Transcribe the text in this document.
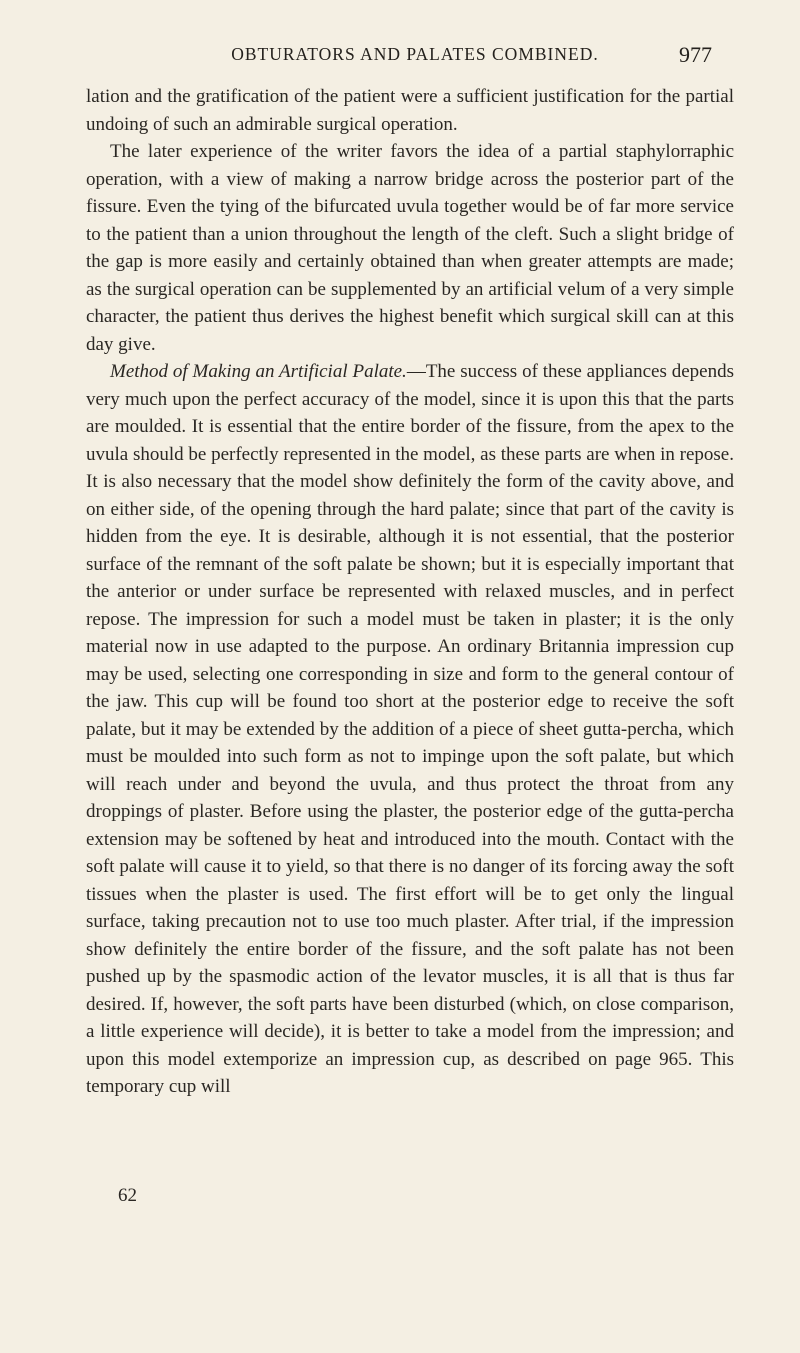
OBTURATORS AND PALATES COMBINED.	977

lation and the gratification of the patient were a sufficient justification for the partial undoing of such an admirable surgical operation.

The later experience of the writer favors the idea of a partial staphylorraphic operation, with a view of making a narrow bridge across the posterior part of the fissure. Even the tying of the bifurcated uvula together would be of far more service to the patient than a union throughout the length of the cleft. Such a slight bridge of the gap is more easily and certainly obtained than when greater attempts are made; as the surgical operation can be supplemented by an artificial velum of a very simple character, the patient thus derives the highest benefit which surgical skill can at this day give.

Method of Making an Artificial Palate.—The success of these appliances depends very much upon the perfect accuracy of the model, since it is upon this that the parts are moulded. It is essential that the entire border of the fissure, from the apex to the uvula should be perfectly represented in the model, as these parts are when in repose. It is also necessary that the model show definitely the form of the cavity above, and on either side, of the opening through the hard palate; since that part of the cavity is hidden from the eye. It is desirable, although it is not essential, that the posterior surface of the remnant of the soft palate be shown; but it is especially important that the anterior or under surface be represented with relaxed muscles, and in perfect repose. The impression for such a model must be taken in plaster; it is the only material now in use adapted to the purpose. An ordinary Britannia impression cup may be used, selecting one corresponding in size and form to the general contour of the jaw. This cup will be found too short at the posterior edge to receive the soft palate, but it may be extended by the addition of a piece of sheet gutta-percha, which must be moulded into such form as not to impinge upon the soft palate, but which will reach under and beyond the uvula, and thus protect the throat from any droppings of plaster. Before using the plaster, the posterior edge of the gutta-percha extension may be softened by heat and introduced into the mouth. Contact with the soft palate will cause it to yield, so that there is no danger of its forcing away the soft tissues when the plaster is used. The first effort will be to get only the lingual surface, taking precaution not to use too much plaster. After trial, if the impression show definitely the entire border of the fissure, and the soft palate has not been pushed up by the spasmodic action of the levator muscles, it is all that is thus far desired. If, however, the soft parts have been disturbed (which, on close comparison, a little experience will decide), it is better to take a model from the impression; and upon this model extemporize an impression cup, as described on page 965. This temporary cup will

62
